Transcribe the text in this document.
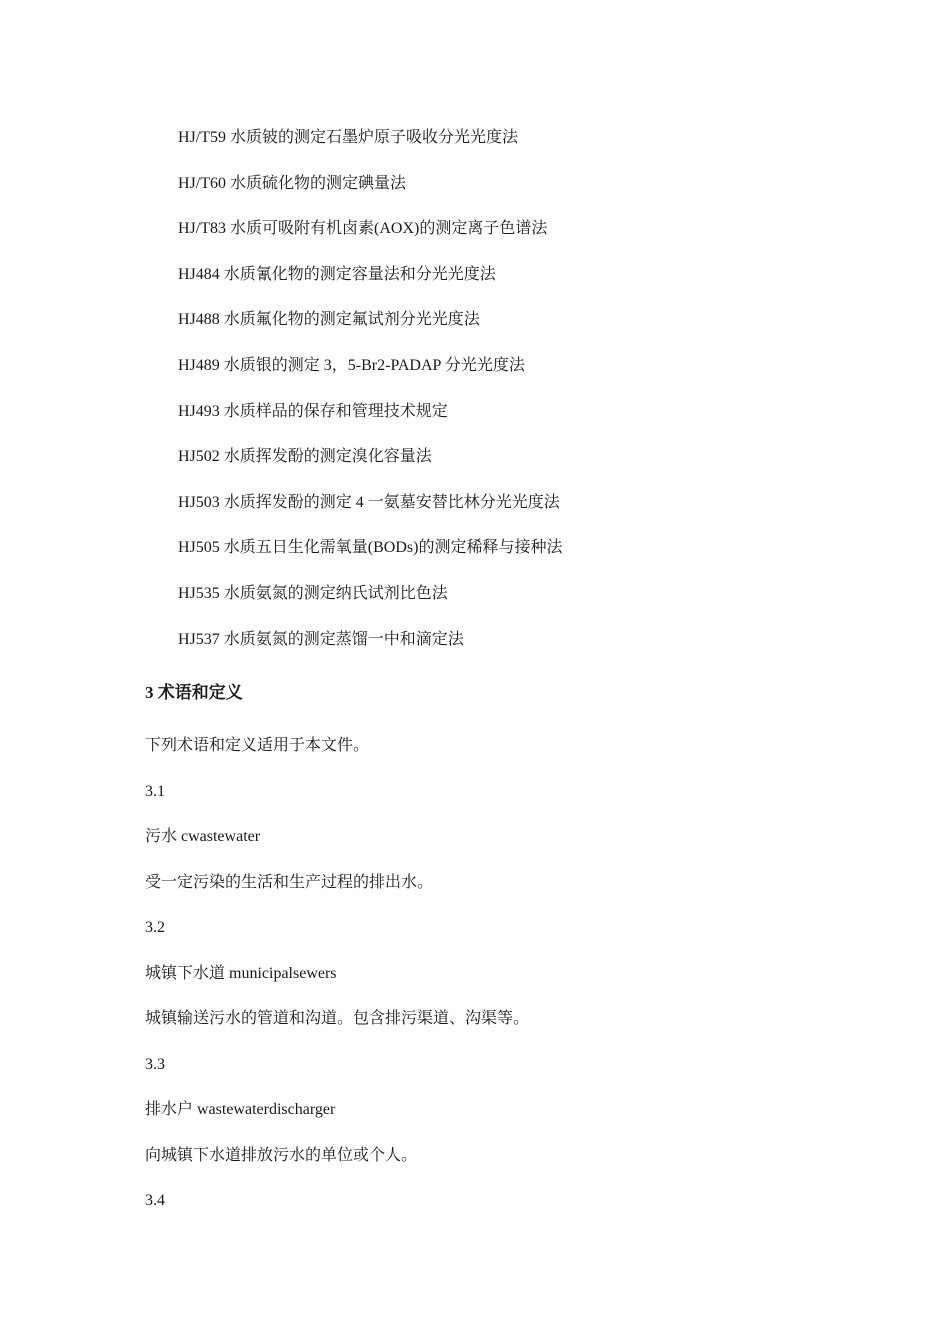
HJ/T59 水质铍的测定石墨炉原子吸收分光光度法
HJ/T60 水质硫化物的测定碘量法
HJ/T83 水质可吸附有机卤素(AOX)的测定离子色谱法
HJ484 水质氰化物的测定容量法和分光光度法
HJ488 水质氟化物的测定氟试剂分光光度法
HJ489 水质银的测定 3，5-Br2-PADAP 分光光度法
HJ493 水质样品的保存和管理技术规定
HJ502 水质挥发酚的测定溴化容量法
HJ503 水质挥发酚的测定 4 一氨墓安替比林分光光度法
HJ505 水质五日生化需氧量(BODs)的测定稀释与接种法
HJ535 水质氨氮的测定纳氏试剂比色法
HJ537 水质氨氮的测定蒸馏一中和滴定法
3 术语和定义
下列术语和定义适用于本文件。
3.1
污水 cwastewater
受一定污染的生活和生产过程的排出水。
3.2
城镇下水道 municipalsewers
城镇输送污水的管道和沟道。包含排污渠道、沟渠等。
3.3
排水户 wastewaterdischarger
向城镇下水道排放污水的单位或个人。
3.4
